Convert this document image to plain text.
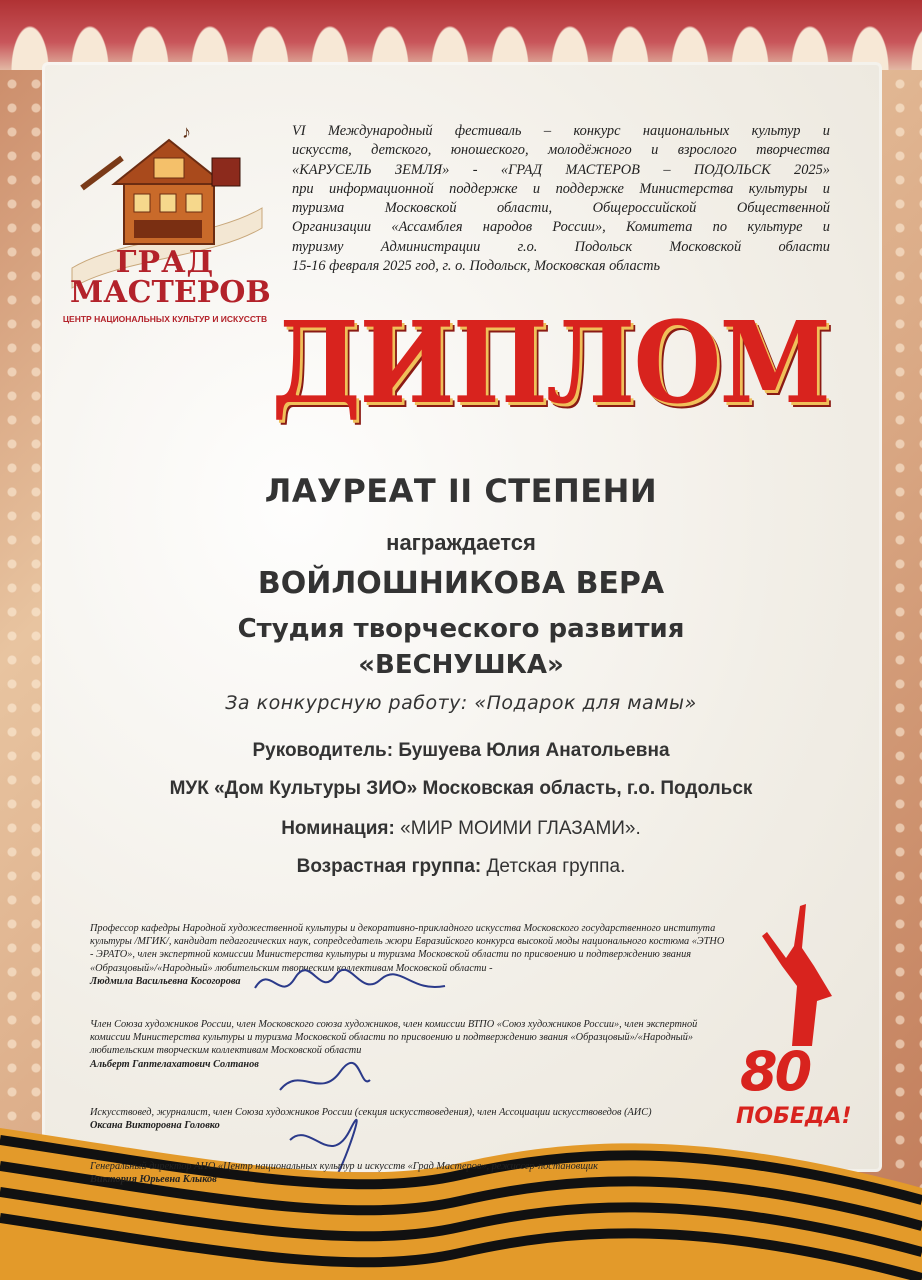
♪
ГРАД
МАСТЕРОВ
ЦЕНТР НАЦИОНАЛЬНЫХ КУЛЬТУР И ИСКУССТВ
VI Международный фестиваль – конкурс национальных культур и
искусств, детского, юношеского, молодёжного и взрослого творчества
«КАРУСЕЛЬ ЗЕМЛЯ» - «ГРАД МАСТЕРОВ – ПОДОЛЬСК 2025»
при информационной поддержке и поддержке Министерства культуры и
туризма Московской области, Общероссийской Общественной
Организации «Ассамблея народов России», Комитета по культуре и
туризму Администрации г.о. Подольск Московской области
15-16 февраля 2025 год, г. о. Подольск, Московская область
ДИПЛОМ
ЛАУРЕАТ II СТЕПЕНИ
награждается
ВОЙЛОШНИКОВА ВЕРА
Студия творческого развития
«ВЕСНУШКА»
За конкурсную работу: «Подарок для мамы»
Руководитель: Бушуева Юлия Анатольевна
МУК «Дом Культуры ЗИО» Московская область, г.о. Подольск
Номинация: «МИР МОИМИ ГЛАЗАМИ».
Возрастная группа: Детская группа.
Профессор кафедры Народной художественной культуры и декоративно-прикладного искусства Московского государственного института культуры /МГИК/, кандидат педагогических наук, сопредседатель жюри Евразийского конкурса высокой моды национального костюма «ЭТНО - ЭРАТО», член экспертной комиссии Министерства культуры и туризма Московской области по присвоению и подтверждению звания «Образцовый»/«Народный» любительским творческим коллективам Московской области -
Людмила Васильевна Косогорова
Член Союза художников России, член Московского союза художников, член комиссии ВТПО «Союз художников России», член экспертной комиссии Министерства культуры и туризма Московской области по присвоению и подтверждению звания «Образцовый»/«Народный» любительским творческим коллективам Московской области
Альберт Гаптелахатович Солтанов
Искусствовед, журналист, член Союза художников России (секция искусствоведения), член Ассоциации искусствоведов (АИС)
Оксана Викторовна Головко
Генеральный директор АНО «Центр национальных культур и искусств «Град Мастеров», режиссер-постановщик
Виктория Юрьевна Клыков
80
ПОБЕДА!
